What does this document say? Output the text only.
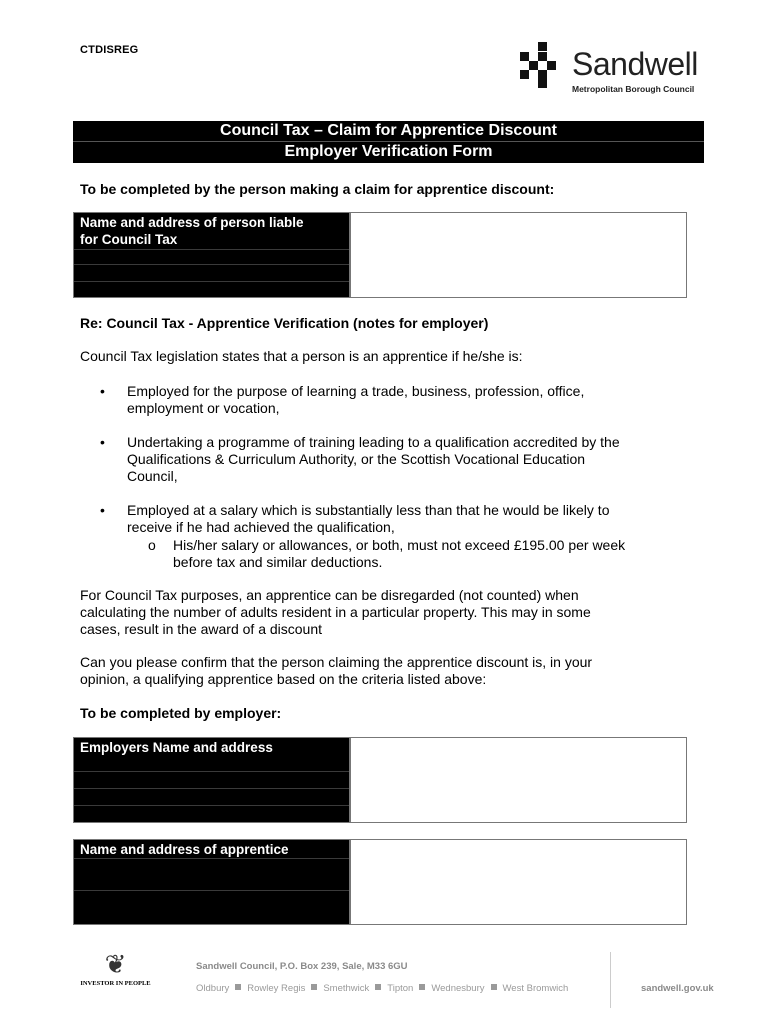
CTDISREG	Sandwell
Metropolitan Borough Council
Council Tax – Claim for Apprentice Discount
Employer Verification Form
To be completed by the person making a claim for apprentice discount:
Name and address of person liable
for Council Tax
Re: Council Tax - Apprentice Verification (notes for employer)
Council Tax legislation states that a person is an apprentice if he/she is:
• Employed for the purpose of learning a trade, business, profession, office,
employment or vocation,
• Undertaking a programme of training leading to a qualification accredited by the
Qualifications & Curriculum Authority, or the Scottish Vocational Education
Council,
• Employed at a salary which is substantially less than that he would be likely to
receive if he had achieved the qualification,
o His/her salary or allowances, or both, must not exceed £195.00 per week
before tax and similar deductions.
For Council Tax purposes, an apprentice can be disregarded (not counted) when
calculating the number of adults resident in a particular property. This may in some
cases, result in the award of a discount
Can you please confirm that the person claiming the apprentice discount is, in your
opinion, a qualifying apprentice based on the criteria listed above:
To be completed by employer:
Employers Name and address
Name and address of apprentice
❦
INVESTOR IN PEOPLE
Sandwell Council, P.O. Box 239, Sale, M33 6GU
Oldbury Rowley Regis Smethwick Tipton Wednesbury West Bromwich	sandwell.gov.uk
